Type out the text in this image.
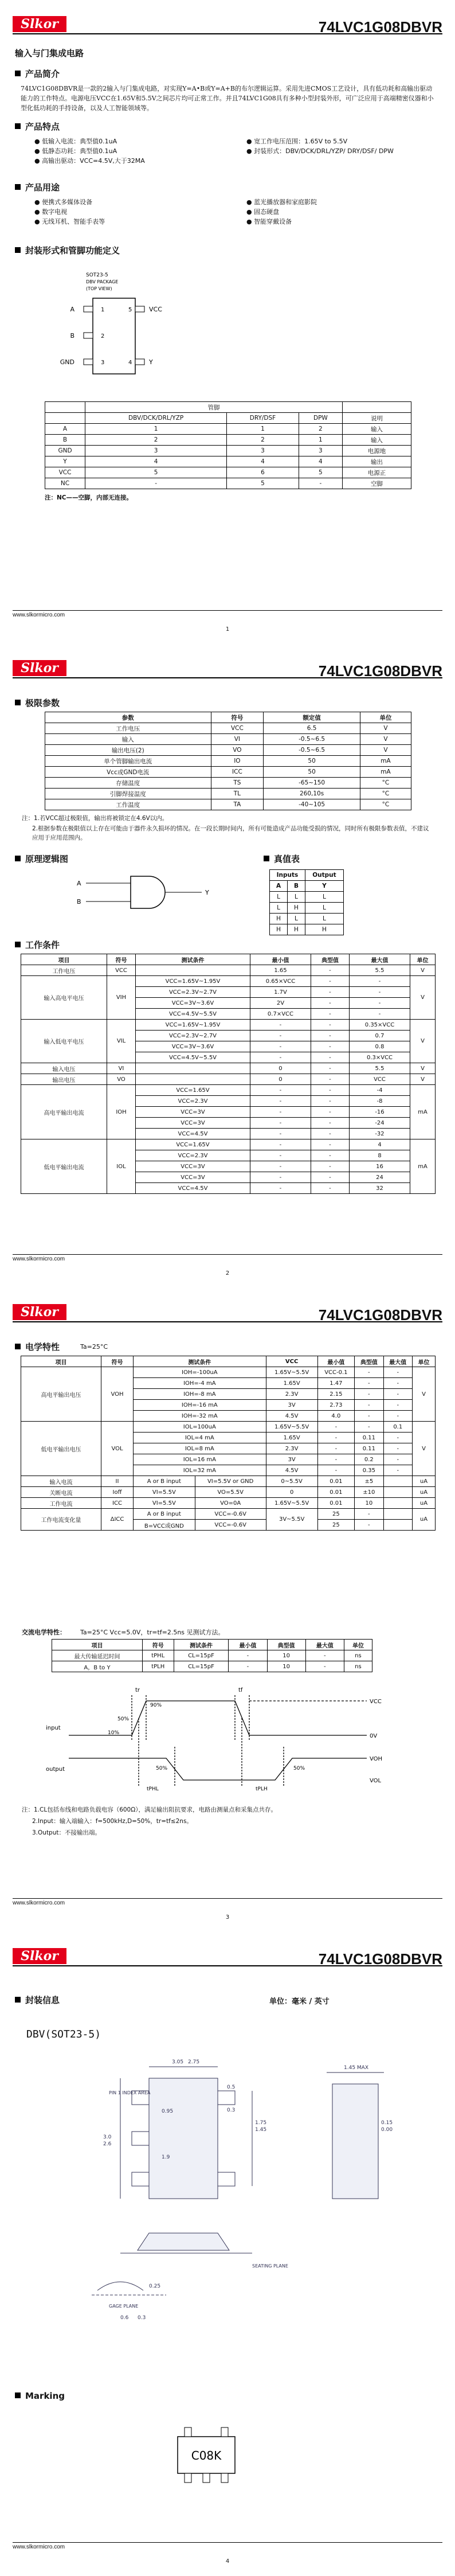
Slkor	74LVC1G08DBVR
输入与门集成电路
产品简介
74LVC1G08DBVR是一款的2输入与门集成电路，对实现Y=A•B或Y=A+B的布尔逻辑运算。采用先进CMOS工艺设计，具有低功耗和高输出驱动能力的工作特点。电源电压VCC在1.65V和5.5V之间芯片均可正常工作。并且74LVC1G08具有多种小型封装外形，可广泛应用于高端精密仪器和小型化低功耗的手持设备，以及人工智能领域等。
产品特点
● 低输入电流：典型值0.1uA
● 低静态功耗：典型值0.1uA
● 高输出驱动：VCC=4.5V,大于32MA
● 宽工作电压范围：1.65V to 5.5V
● 封装形式：DBV/DCK/DRL/YZP/ DRY/DSF/ DPW
产品用途
● 便携式多媒体设备
● 数字电视
● 无线耳机、智能手表等
● 蓝光播放器和家庭影院
● 固态硬盘
● 智能穿戴设备
封装形式和管脚功能定义
SOT23-5
DBV PACKAGE
(TOP VIEW)
A
B
GND
1
2
3
5
4
VCC
Y
	管脚			
	DBV/DCK/DRL/YZP	DRY/DSF	DPW	说明
A	1	1	2	输入
B	2	2	1	输入
GND	3	3	3	电源地
Y	4	4	4	输出
VCC	5	6	5	电源正
NC	-	5	-	空脚
注：NC——空脚，内部无连接。
www.slkormicro.com
1
Slkor	74LVC1G08DBVR
极限参数
参数	符号	额定值	单位
工作电压	VCC	6.5	V
输入	VI	-0.5~6.5	V
输出电压(2)	VO	-0.5~6.5	V
单个管脚输出电流	IO	50	mA
Vcc或GND电流	ICC	50	mA
存储温度	TS	-65~150	°C
引脚焊接温度	TL	260,10s	°C
工作温度	TA	-40~105	°C
注：1.若VCC超过极限值，输出将被锁定在4.6V以内。
2.根据参数在极限值以上存在可能由于器件永久损坏的情况。在一段长期时间内，所有可能造成产品功能受损的情况，同时所有极限参数表值，不建议应用于应用范围内。
原理逻辑图	真值表
A
B
Y
Inputs		Output
A	B	Y
L	L	L
L	H	L
H	L	L
H	H	H
工作条件
项目	符号	测试条件	最小值	典型值	最大值	单位
工作电压	VCC		1.65	-	5.5	V
输入高电平电压	VIH	VCC=1.65V~1.95V	0.65×VCC	-	-	V
		VCC=2.3V~2.7V	1.7V	-	-	
		VCC=3V~3.6V	2V	-	-	
		VCC=4.5V~5.5V	0.7×VCC	-	-	
输入低电平电压	VIL	VCC=1.65V~1.95V	-	-	0.35×VCC	V
		VCC=2.3V~2.7V	-	-	0.7	
		VCC=3V~3.6V	-	-	0.8	
		VCC=4.5V~5.5V	-	-	0.3×VCC	
输入电压	VI		0	-	5.5	V
输出电压	VO		0	-	VCC	V
高电平输出电流	IOH	VCC=1.65V	-	-	-4	mA
		VCC=2.3V	-	-	-8	
		VCC=3V	-	-	-16	
		VCC=3V	-	-	-24	
		VCC=4.5V	-	-	-32	
低电平输出电流	IOL	VCC=1.65V	-	-	4	mA
		VCC=2.3V	-	-	8	
		VCC=3V	-	-	16	
		VCC=3V	-	-	24	
		VCC=4.5V	-	-	32	
www.slkormicro.com
2
Slkor	74LVC1G08DBVR
电学特性	Ta=25°C
项目	符号	测试条件		VCC	最小值	典型值	最大值	单位
高电平输出电压	VOH	IOH=-100uA		1.65V~5.5V	VCC-0.1	-	-	V
		IOH=-4 mA		1.65V	1.47	-	-	
		IOH=-8 mA		2.3V	2.15	-	-	
		IOH=-16 mA		3V	2.73	-	-	
		IOH=-32 mA		4.5V	4.0	-	-	
低电平输出电压	VOL	IOL=100uA		1.65V~5.5V	-	-	0.1	V
		IOL=4 mA		1.65V	-	0.11	-	
		IOL=8 mA		2.3V	-	0.11	-	
		IOL=16 mA		3V	-	0.2	-	
		IOL=32 mA		4.5V	-	0.35	-	
输入电流	II	A or B input	VI=5.5V or GND	0~5.5V	0.01	±5		uA
关断电流	Ioff	VI=5.5V	VO=5.5V	0	0.01	±10		uA
工作电流	ICC	VI=5.5V	VO=0A	1.65V~5.5V	0.01	10		uA
工作电流变化量	ΔICC	A or B input	VCC=-0.6V	3V~5.5V	25	-		uA
		B=VCC或GND	VCC=-0.6V		25	-		
交流电学特性： Ta=25°C Vcc=5.0V，tr=tf=2.5ns 见测试方法。
项目	符号	测试条件	最小值	典型值	最大值	单位
最大传输延迟时间	tPHL	CL=15pF	-	10	-	ns
A，B to Y	tPLH	CL=15pF	-	10	-	ns
input
output
VCC
0V
VOH
VOL
tr	tf
tPHL	tPLH
10%
50%
90%
50%	50%
注：1.CL包括布线和电路负载电容（600Ω），满足输出阻抗要求，电路由测量点和采集点共存。
2.Input：输入端输入：f=500kHz,D=50%，tr=tf≤2ns。
3.Output：不接输出端。
www.slkormicro.com
3
Slkor	74LVC1G08DBVR
封装信息	单位：毫米 / 英寸
DBV(SOT23-5)
PIN 1 INDEX AREA
3.05 2.75
1.75
1.45
3.0
2.6
0.5
0.3
0.95
1.9
1.45 MAX
0.15
0.00
GAGE PLANE
0.25
0.6 0.3
SEATING PLANE
Marking
C08K
www.slkormicro.com
4
